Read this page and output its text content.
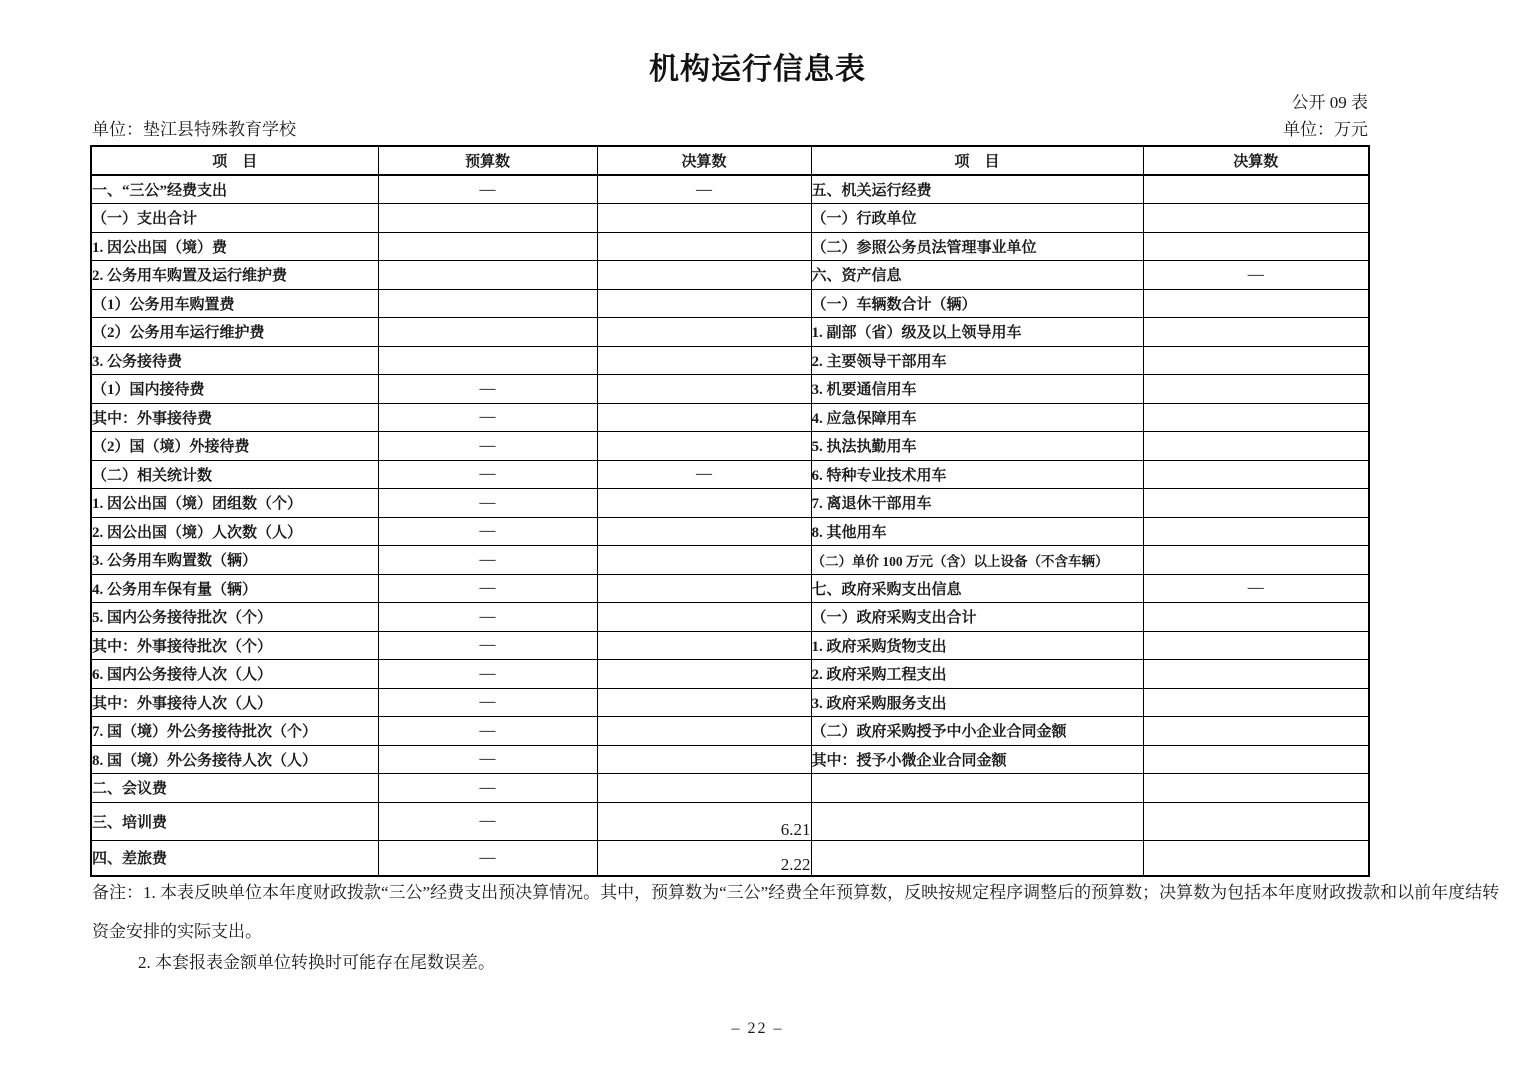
机构运行信息表
公开 09 表
单位：垫江县特殊教育学校	单位：万元
项　目	预算数	决算数	项　目	决算数
一、“三公”经费支出	—	—	五、机关运行经费	
（一）支出合计			（一）行政单位	
1. 因公出国（境）费			（二）参照公务员法管理事业单位	
2. 公务用车购置及运行维护费			六、资产信息	—
（1）公务用车购置费			（一）车辆数合计（辆）	
（2）公务用车运行维护费			1. 副部（省）级及以上领导用车	
3. 公务接待费			2. 主要领导干部用车	
（1）国内接待费	—		3. 机要通信用车	
其中：外事接待费	—		4. 应急保障用车	
（2）国（境）外接待费	—		5. 执法执勤用车	
（二）相关统计数	—	—	6. 特种专业技术用车	
1. 因公出国（境）团组数（个）	—		7. 离退休干部用车	
2. 因公出国（境）人次数（人）	—		8. 其他用车	
3. 公务用车购置数（辆）	—		（二）单价 100 万元（含）以上设备（不含车辆）	
4. 公务用车保有量（辆）	—		七、政府采购支出信息	—
5. 国内公务接待批次（个）	—		（一）政府采购支出合计	
其中：外事接待批次（个）	—		1. 政府采购货物支出	
6. 国内公务接待人次（人）	—		2. 政府采购工程支出	
其中：外事接待人次（人）	—		3. 政府采购服务支出	
7. 国（境）外公务接待批次（个）	—		（二）政府采购授予中小企业合同金额	
8. 国（境）外公务接待人次（人）	—		其中：授予小微企业合同金额	
二、会议费	—			
三、培训费	—	6.21		
四、差旅费	—	2.22		
备注：1. 本表反映单位本年度财政拨款“三公”经费支出预决算情况。其中，预算数为“三公”经费全年预算数，反映按规定程序调整后的预算数；决算数为包括本年度财政拨款和以前年度结转
资金安排的实际支出。
2. 本套报表金额单位转换时可能存在尾数误差。
– 22 –
